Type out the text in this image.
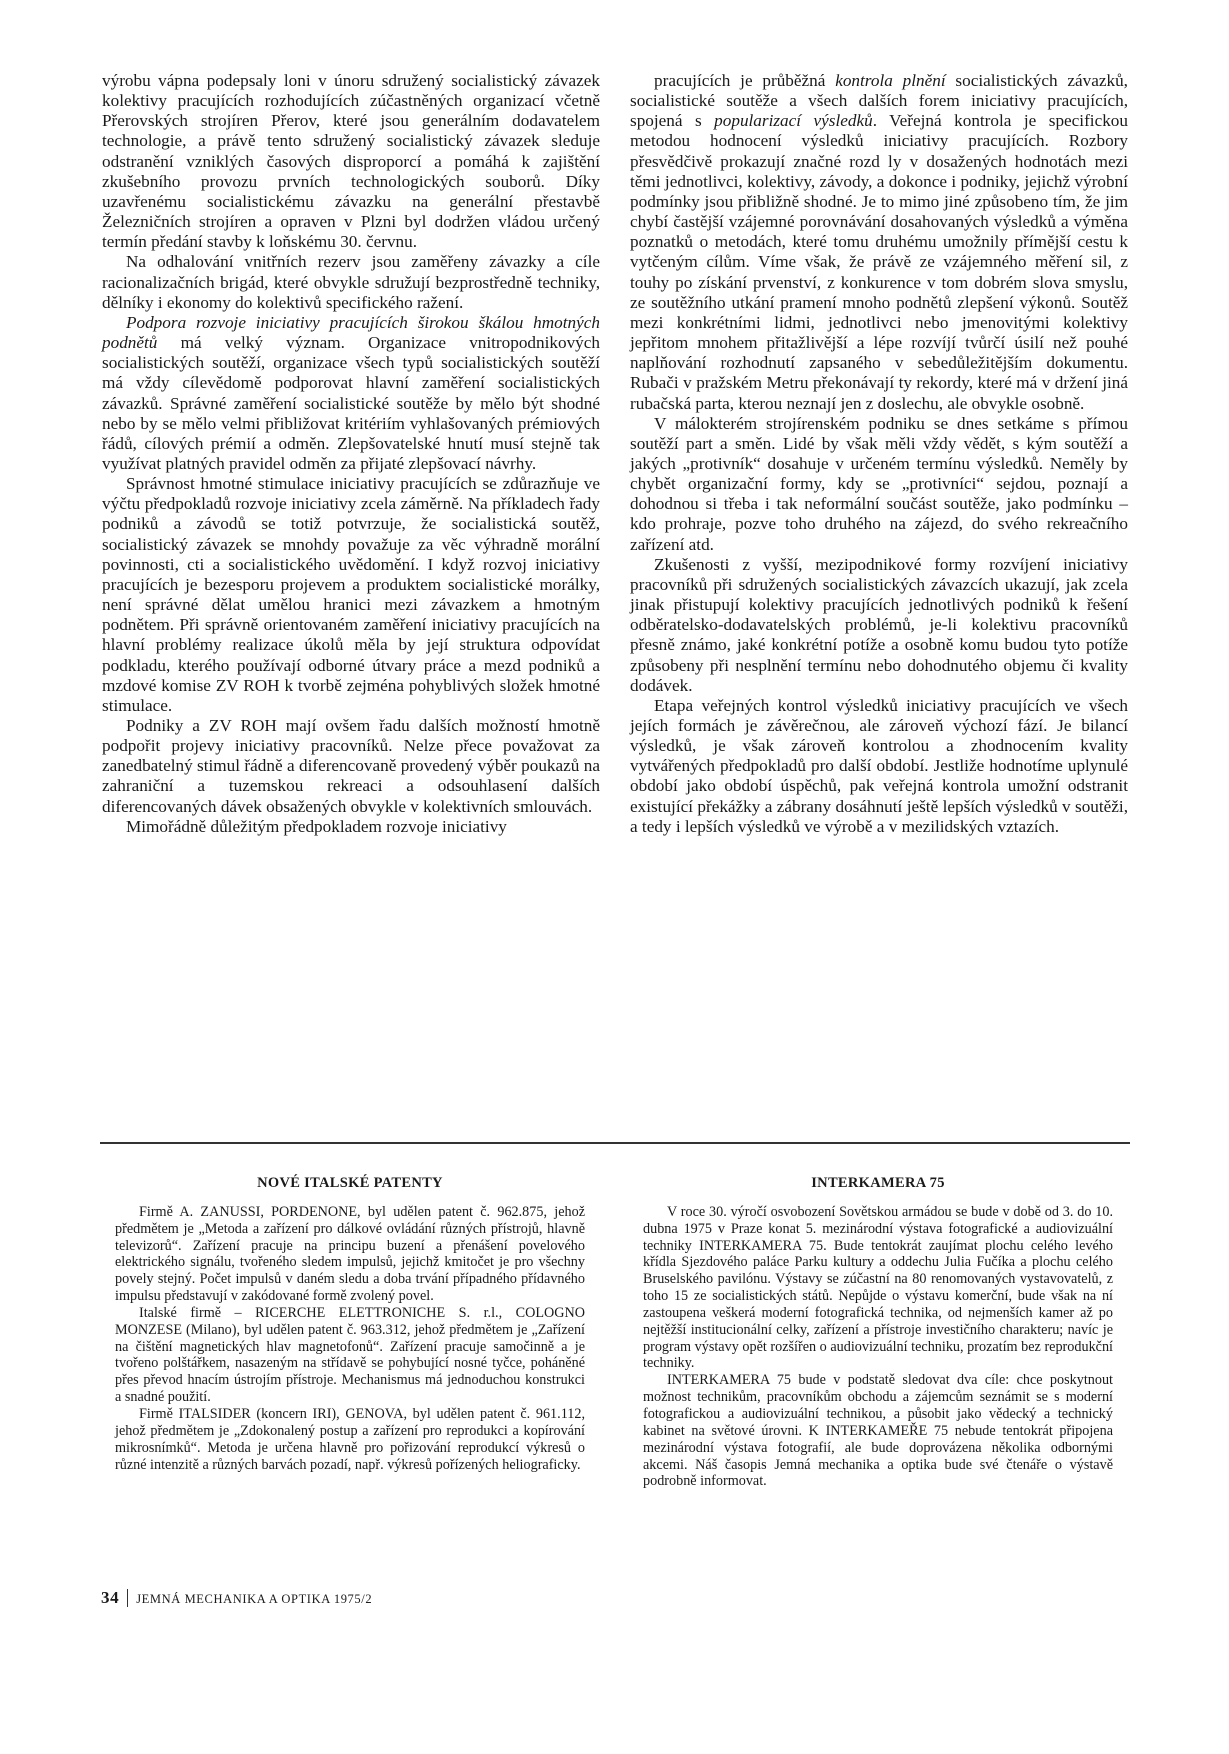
výrobu vápna podepsaly loni v únoru sdružený socialistický závazek kolektivy pracujících rozhodujících zúčastněných organizací včetně Přerovských strojíren Přerov, které jsou generálním dodavatelem technologie, a právě tento sdružený socialistický závazek sleduje odstranění vzniklých časových disproporcí a pomáhá k zajištění zkušebního provozu prvních technologických souborů. Díky uzavřenému socialistickému závazku na generální přestavbě Železničních strojíren a opraven v Plzni byl dodržen vládou určený termín předání stavby k loňskému 30. červnu.

Na odhalování vnitřních rezerv jsou zaměřeny závazky a cíle racionalizačních brigád, které obvykle sdružují bezprostředně techniky, dělníky i ekonomy do kolektivů specifického ražení.

Podpora rozvoje iniciativy pracujících širokou škálou hmotných podnětů má velký význam. Organizace vnitropodnikových socialistických soutěží, organizace všech typů socialistických soutěží má vždy cílevědomě podporovat hlavní zaměření socialistických závazků. Správné zaměření socialistické soutěže by mělo být shodné nebo by se mělo velmi přibližovat kritériím vyhlašovaných prémiových řádů, cílových prémií a odměn. Zlepšovatelské hnutí musí stejně tak využívat platných pravidel odměn za přijaté zlepšovací návrhy.

Správnost hmotné stimulace iniciativy pracujících se zdůrazňuje ve výčtu předpokladů rozvoje iniciativy zcela záměrně. Na příkladech řady podniků a závodů se totiž potvrzuje, že socialistická soutěž, socialistický závazek se mnohdy považuje za věc výhradně morální povinnosti, cti a socialistického uvědomění. I když rozvoj iniciativy pracujících je bezesporu projevem a produktem socialistické morálky, není správné dělat umělou hranici mezi závazkem a hmotným podnětem. Při správně orientovaném zaměření iniciativy pracujících na hlavní problémy realizace úkolů měla by její struktura odpovídat podkladu, kterého používají odborné útvary práce a mezd podniků a mzdové komise ZV ROH k tvorbě zejména pohyblivých složek hmotné stimulace.

Podniky a ZV ROH mají ovšem řadu dalších možností hmotně podpořit projevy iniciativy pracovníků. Nelze přece považovat za zanedbatelný stimul řádně a diferencovaně provedený výběr poukazů na zahraniční a tuzemskou rekreaci a odsouhlasení dalších diferencovaných dávek obsažených obvykle v kolektivních smlouvách.

Mimořádně důležitým předpokladem rozvoje iniciativy

pracujících je průběžná kontrola plnění socialistických závazků, socialistické soutěže a všech dalších forem iniciativy pracujících, spojená s popularizací výsledků. Veřejná kontrola je specifickou metodou hodnocení výsledků iniciativy pracujících. Rozbory přesvědčivě prokazují značné rozd ly v dosažených hodnotách mezi těmi jednotlivci, kolektivy, závody, a dokonce i podniky, jejichž výrobní podmínky jsou přibližně shodné. Je to mimo jiné způsobeno tím, že jim chybí častější vzájemné porovnávání dosahovaných výsledků a výměna poznatků o metodách, které tomu druhému umožnily přímější cestu k vytčeným cílům. Víme však, že právě ze vzájemného měření sil, z touhy po získání prvenství, z konkurence v tom dobrém slova smyslu, ze soutěžního utkání pramení mnoho podnětů zlepšení výkonů. Soutěž mezi konkrétními lidmi, jednotlivci nebo jmenovitými kolektivy jepřitom mnohem přitažlivější a lépe rozvíjí tvůrčí úsilí než pouhé naplňování rozhodnutí zapsaného v sebedůležitějším dokumentu. Rubači v pražském Metru překonávají ty rekordy, které má v držení jiná rubačská parta, kterou neznají jen z doslechu, ale obvykle osobně.

V málokterém strojírenském podniku se dnes setkáme s přímou soutěží part a směn. Lidé by však měli vždy vědět, s kým soutěží a jakých „protivník“ dosahuje v určeném termínu výsledků. Neměly by chybět organizační formy, kdy se „protivníci“ sejdou, poznají a dohodnou si třeba i tak neformální součást soutěže, jako podmínku – kdo prohraje, pozve toho druhého na zájezd, do svého rekreačního zařízení atd.

Zkušenosti z vyšší, mezipodnikové formy rozvíjení iniciativy pracovníků při sdružených socialistických závazcích ukazují, jak zcela jinak přistupují kolektivy pracujících jednotlivých podniků k řešení odběratelsko-dodavatelských problémů, je-li kolektivu pracovníků přesně známo, jaké konkrétní potíže a osobně komu budou tyto potíže způsobeny při nesplnění termínu nebo dohodnutého objemu či kvality dodávek.

Etapa veřejných kontrol výsledků iniciativy pracujících ve všech jejích formách je závěrečnou, ale zároveň výchozí fází. Je bilancí výsledků, je však zároveň kontrolou a zhodnocením kvality vytvářených předpokladů pro další období. Jestliže hodnotíme uplynulé období jako období úspěchů, pak veřejná kontrola umožní odstranit existující překážky a zábrany dosáhnutí ještě lepších výsledků v soutěži, a tedy i lepších výsledků ve výrobě a v mezilidských vztazích.

NOVÉ ITALSKÉ PATENTY

Firmě A. ZANUSSI, PORDENONE, byl udělen patent č. 962.875, jehož předmětem je „Metoda a zařízení pro dálkové ovládání různých přístrojů, hlavně televizorů“. Zařízení pracuje na principu buzení a přenášení povelového elektrického signálu, tvořeného sledem impulsů, jejichž kmitočet je pro všechny povely stejný. Počet impulsů v daném sledu a doba trvání případného přídavného impulsu představují v zakódované formě zvolený povel.

Italské firmě – RICERCHE ELETTRONICHE S. r.l., COLOGNO MONZESE (Milano), byl udělen patent č. 963.312, jehož předmětem je „Zařízení na čištění magnetických hlav magnetofonů“. Zařízení pracuje samočinně a je tvořeno polštářkem, nasazeným na střídavě se pohybující nosné tyčce, poháněné přes převod hnacím ústrojím přístroje. Mechanismus má jednoduchou konstrukci a snadné použití.

Firmě ITALSIDER (koncern IRI), GENOVA, byl udělen patent č. 961.112, jehož předmětem je „Zdokonalený postup a zařízení pro reprodukci a kopírování mikrosnímků“. Metoda je určena hlavně pro pořizování reprodukcí výkresů o různé intenzitě a různých barvách pozadí, např. výkresů pořízených heliograficky.

INTERKAMERA 75

V roce 30. výročí osvobození Sovětskou armádou se bude v době od 3. do 10. dubna 1975 v Praze konat 5. mezinárodní výstava fotografické a audiovizuální techniky INTERKAMERA 75. Bude tentokrát zaujímat plochu celého levého křídla Sjezdového paláce Parku kultury a oddechu Julia Fučíka a plochu celého Bruselského pavilónu. Výstavy se zúčastní na 80 renomovaných vystavovatelů, z toho 15 ze socialistických států. Nepůjde o výstavu komerční, bude však na ní zastoupena veškerá moderní fotografická technika, od nejmenších kamer až po nejtěžší institucionální celky, zařízení a přístroje investičního charakteru; navíc je program výstavy opět rozšířen o audiovizuální techniku, prozatím bez reprodukční techniky.

INTERKAMERA 75 bude v podstatě sledovat dva cíle: chce poskytnout možnost technikům, pracovníkům obchodu a zájemcům seznámit se s moderní fotografickou a audiovizuální technikou, a působit jako vědecký a technický kabinet na světové úrovni. K INTERKAMEŘE 75 nebude tentokrát připojena mezinárodní výstava fotografií, ale bude doprovázena několika odbornými akcemi. Náš časopis Jemná mechanika a optika bude své čtenáře o výstavě podrobně informovat.

34 JEMNÁ MECHANIKA A OPTIKA 1975/2
